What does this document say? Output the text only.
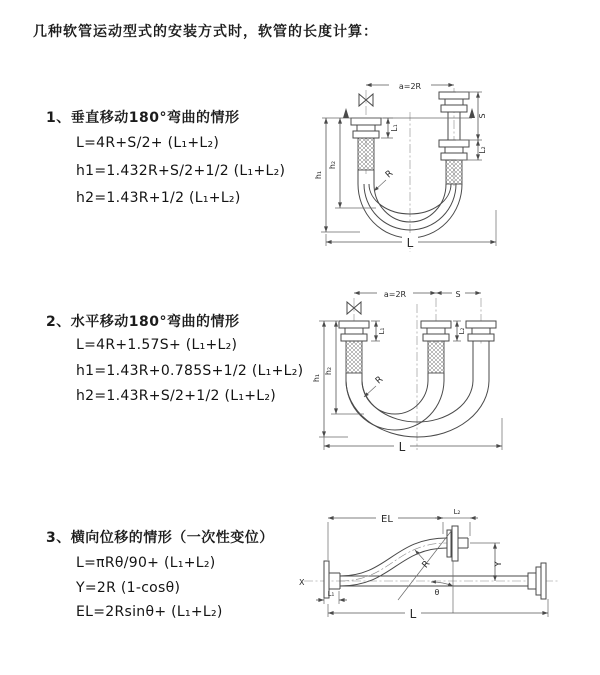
几种软管运动型式的安装方式时，软管的长度计算：
1、垂直移动180°弯曲的情形
L=4R+S/2+ (L₁+L₂)
h1=1.432R+S/2+1/2 (L₁+L₂)
h2=1.43R+1/2 (L₁+L₂)
2、水平移动180°弯曲的情形
L=4R+1.57S+ (L₁+L₂)
h1=1.43R+0.785S+1/2 (L₁+L₂)
h2=1.43R+S/2+1/2 (L₁+L₂)
3、横向位移的情形（一次性变位）
L=πRθ/90+ (L₁+L₂)
Y=2R (1-cosθ)
EL=2Rsinθ+ (L₁+L₂)
a=2R
L₁
S
L₂
h₁
h₂
R
L
a=2R	S
L₁	L₂
h₁
h₂
R
L
X
EL
L₂
L₁
Y
θ
R
L
